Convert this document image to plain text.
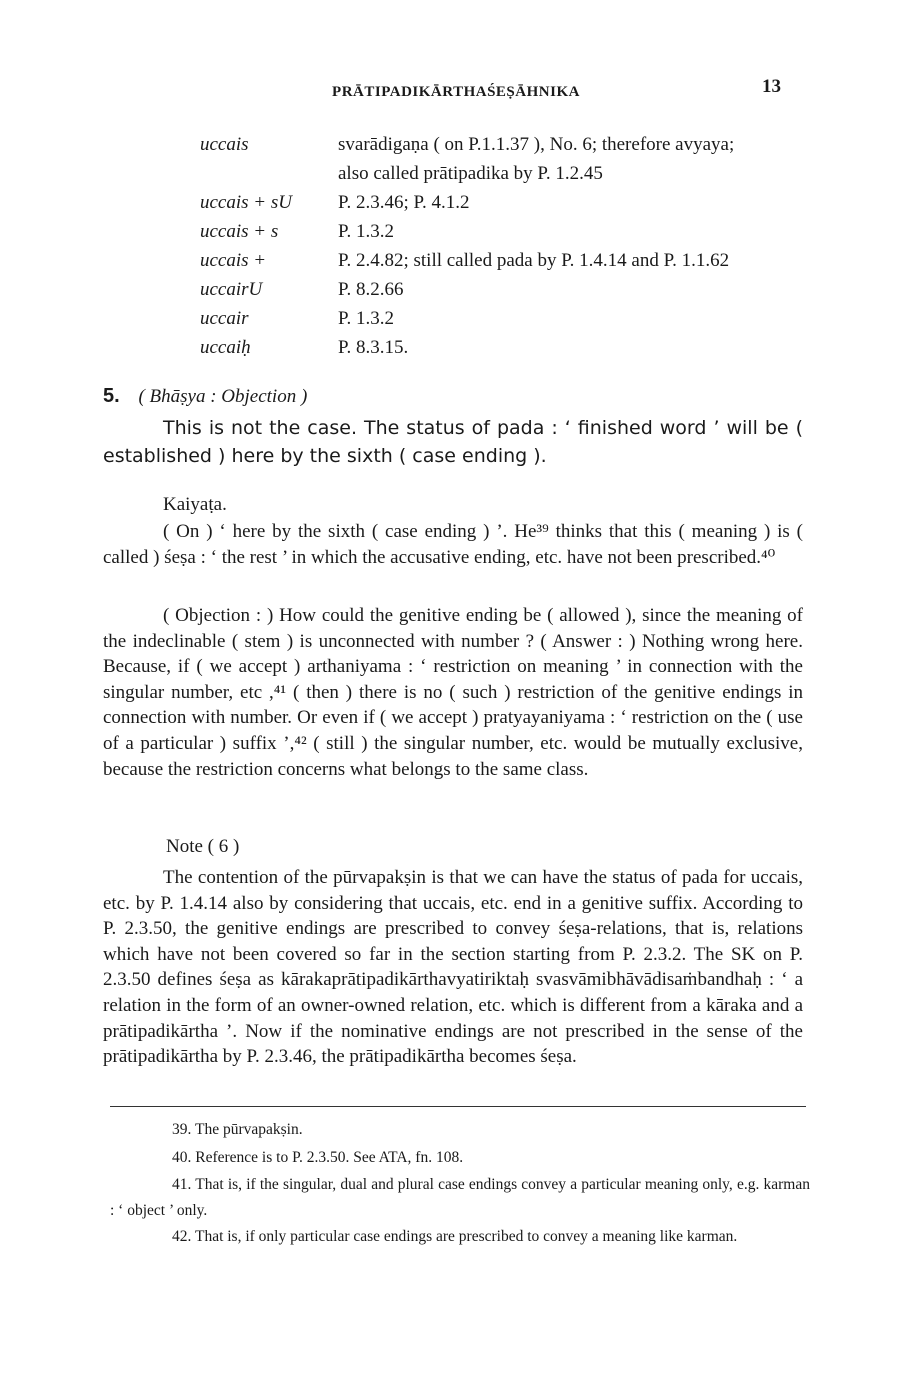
PRĀTIPADIKĀRTHAŚEṢĀHNIKA	13
uccais	svarādigaṇa ( on P.1.1.37 ), No. 6; therefore avyaya;
also called prātipadika by P. 1.2.45
uccais + sU	P. 2.3.46; P. 4.1.2
uccais + s	P. 1.3.2
uccais +	P. 2.4.82; still called pada by P. 1.4.14 and P. 1.1.62
uccairU	P. 8.2.66
uccair	P. 1.3.2
uccaiḥ	P. 8.3.15.
5. ( Bhāṣya : Objection )

This is not the case. The status of pada : ‘ finished word ’ will be ( established ) here by the sixth ( case ending ).

Kaiyaṭa.

( On ) ‘ here by the sixth ( case ending ) ’. He³⁹ thinks that this ( meaning ) is ( called ) śeṣa : ‘ the rest ’ in which the accusative ending, etc. have not been prescribed.⁴⁰

( Objection : ) How could the genitive ending be ( allowed ), since the meaning of the indeclinable ( stem ) is unconnected with number ? ( Answer : ) Nothing wrong here. Because, if ( we accept ) arthaniyama : ‘ restriction on meaning ’ in connection with the singular number, etc ,⁴¹ ( then ) there is no ( such ) restriction of the genitive endings in connection with number. Or even if ( we accept ) pratyayaniyama : ‘ restriction on the ( use of a particular ) suffix ’,⁴² ( still ) the singular number, etc. would be mutually exclusive, because the restriction concerns what belongs to the same class.

Note ( 6 )

The contention of the pūrvapakṣin is that we can have the status of pada for uccais, etc. by P. 1.4.14 also by considering that uccais, etc. end in a genitive suffix. According to P. 2.3.50, the genitive endings are prescribed to convey śeṣa-relations, that is, relations which have not been covered so far in the section starting from P. 2.3.2. The SK on P. 2.3.50 defines śeṣa as kārakaprātipadikārthavyatiriktaḥ svasvāmibhāvādisaṁbandhaḥ : ‘ a relation in the form of an owner-owned relation, etc. which is different from a kāraka and a prātipadikārtha ’. Now if the nominative endings are not prescribed in the sense of the prātipadikārtha by P. 2.3.46, the prātipadikārtha becomes śeṣa.

39. The pūrvapakṣin.

40. Reference is to P. 2.3.50. See ATA, fn. 108.

41. That is, if the singular, dual and plural case endings convey a particular meaning only, e.g. karman : ‘ object ’ only.

42. That is, if only particular case endings are prescribed to convey a meaning like karman.
